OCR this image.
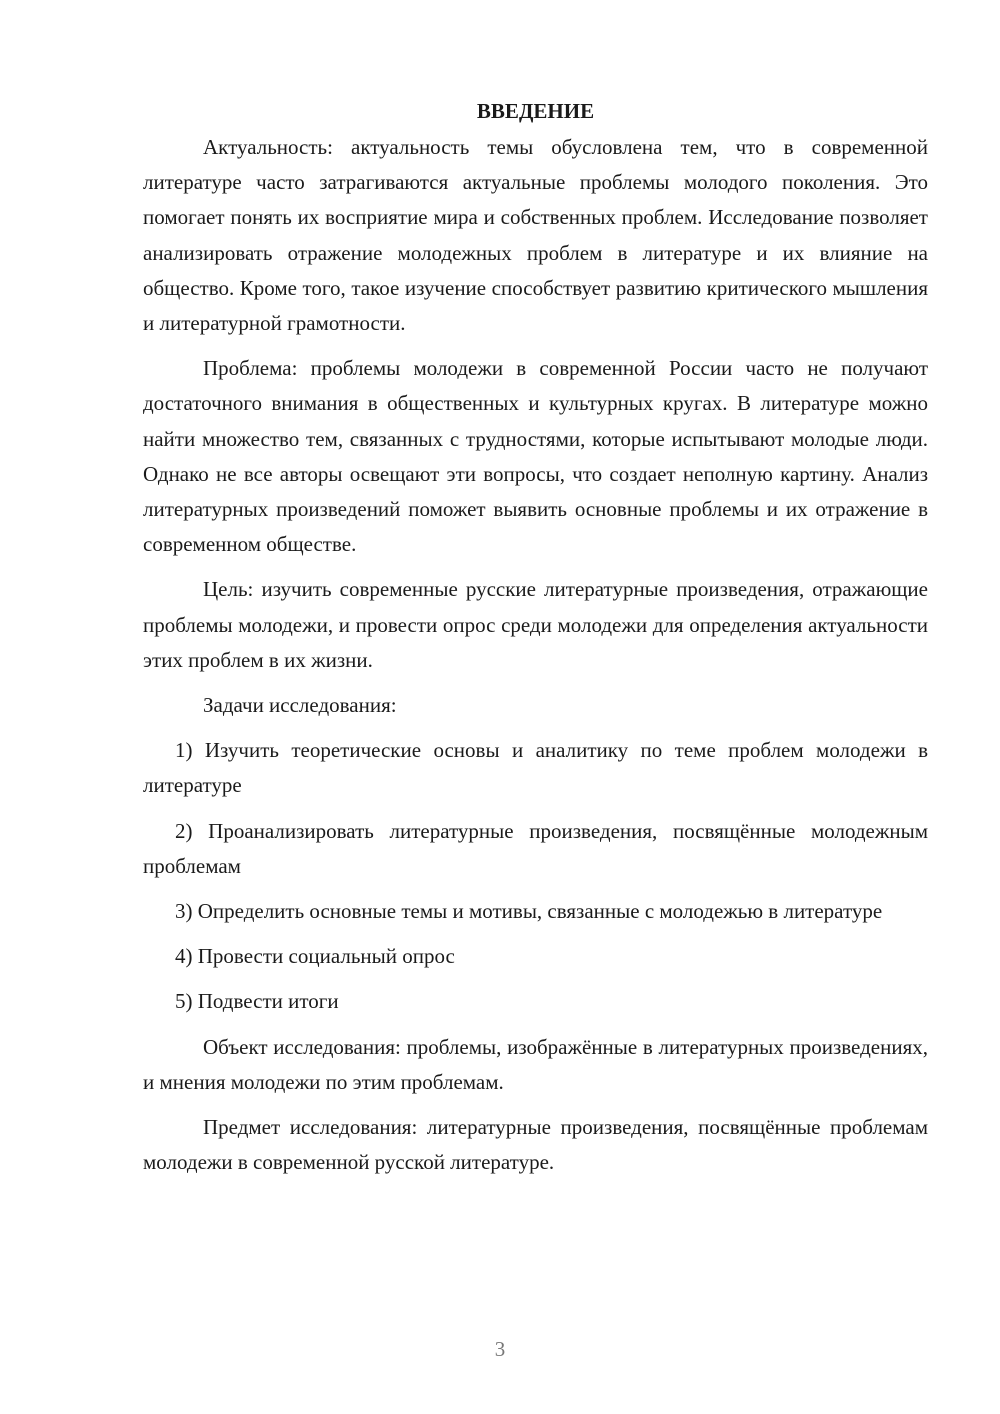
ВВЕДЕНИЕ

Актуальность: актуальность темы обусловлена тем, что в современной литературе часто затрагиваются актуальные проблемы молодого поколения. Это помогает понять их восприятие мира и собственных проблем. Исследование позволяет анализировать отражение молодежных проблем в литературе и их влияние на общество. Кроме того, такое изучение способствует развитию критического мышления и литературной грамотности.

Проблема: проблемы молодежи в современной России часто не получают достаточного внимания в общественных и культурных кругах. В литературе можно найти множество тем, связанных с трудностями, которые испытывают молодые люди. Однако не все авторы освещают эти вопросы, что создает неполную картину. Анализ литературных произведений поможет выявить основные проблемы и их отражение в современном обществе.

Цель: изучить современные русские литературные произведения, отражающие проблемы молодежи, и провести опрос среди молодежи для определения актуальности этих проблем в их жизни.

Задачи исследования:

1) Изучить теоретические основы и аналитику по теме проблем молодежи в литературе

2) Проанализировать литературные произведения, посвящённые молодежным проблемам

3) Определить основные темы и мотивы, связанные с молодежью в литературе

4) Провести социальный опрос

5) Подвести итоги

Объект исследования: проблемы, изображённые в литературных произведениях, и мнения молодежи по этим проблемам.

Предмет исследования: литературные произведения, посвящённые проблемам молодежи в современной русской литературе.

3
